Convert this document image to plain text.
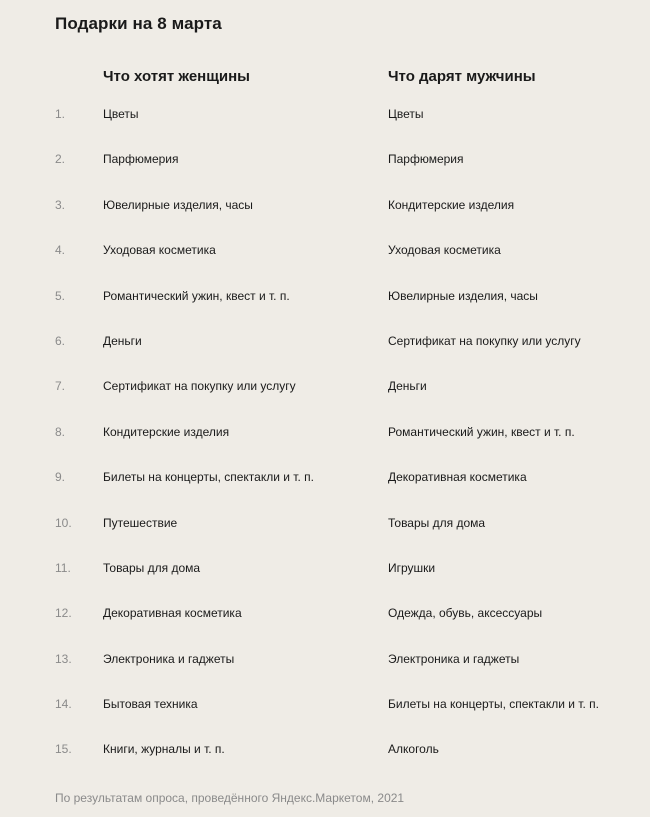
Подарки на 8 марта
Что хотят женщины	Что дарят мужчины
1.	Цветы	Цветы
2.	Парфюмерия	Парфюмерия
3.	Ювелирные изделия, часы	Кондитерские изделия
4.	Уходовая косметика	Уходовая косметика
5.	Романтический ужин, квест и т. п.	Ювелирные изделия, часы
6.	Деньги	Сертификат на покупку или услугу
7.	Сертификат на покупку или услугу	Деньги
8.	Кондитерские изделия	Романтический ужин, квест и т. п.
9.	Билеты на концерты, спектакли и т. п.	Декоративная косметика
10.	Путешествие	Товары для дома
11.	Товары для дома	Игрушки
12.	Декоративная косметика	Одежда, обувь, аксессуары
13.	Электроника и гаджеты	Электроника и гаджеты
14.	Бытовая техника	Билеты на концерты, спектакли и т. п.
15.	Книги, журналы и т. п.	Алкоголь
По результатам опроса, проведённого Яндекс.Маркетом, 2021
